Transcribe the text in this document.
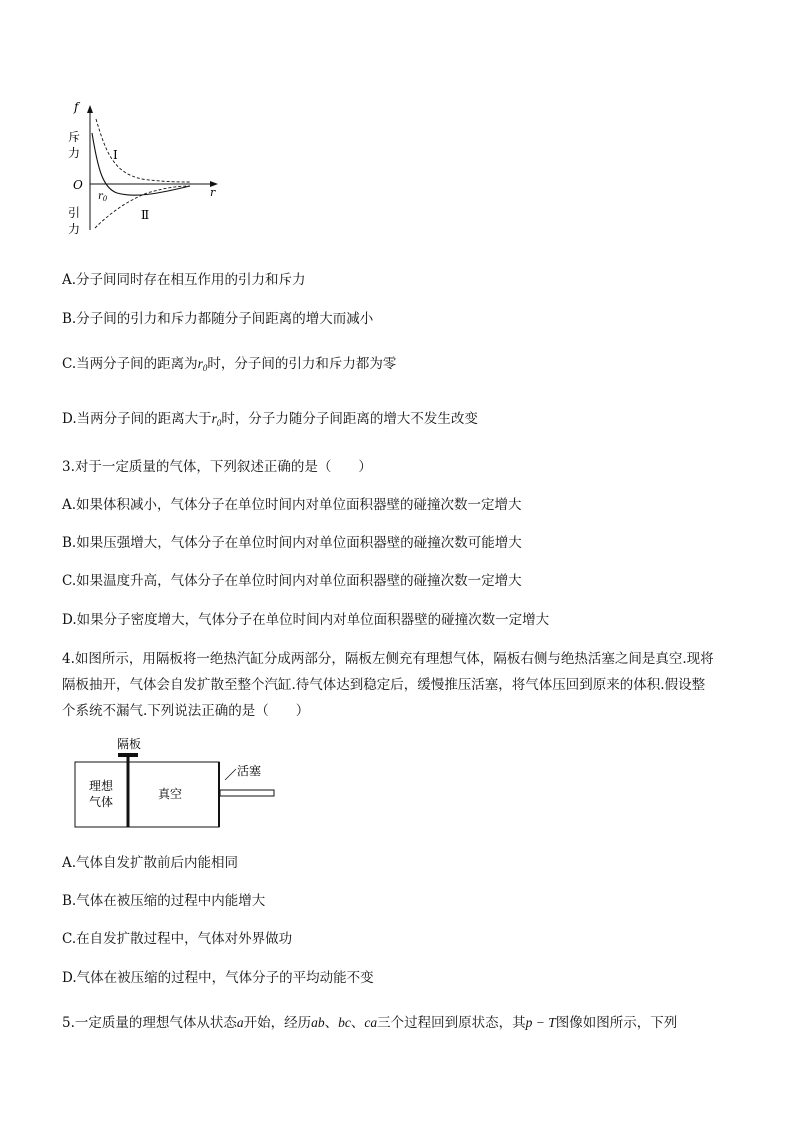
f
r
O
斥
力
引
力
Ⅰ
Ⅱ
$r_0$
A.分子间同时存在相互作用的引力和斥力
B.分子间的引力和斥力都随分子间距离的增大而减小
C.当两分子间的距离为$r_0$时，分子间的引力和斥力都为零
D.当两分子间的距离大于$r_0$时，分子力随分子间距离的增大不发生改变
3.对于一定质量的气体，下列叙述正确的是（　　）
A.如果体积减小，气体分子在单位时间内对单位面积器壁的碰撞次数一定增大
B.如果压强增大，气体分子在单位时间内对单位面积器壁的碰撞次数可能增大
C.如果温度升高，气体分子在单位时间内对单位面积器壁的碰撞次数一定增大
D.如果分子密度增大，气体分子在单位时间内对单位面积器壁的碰撞次数一定增大
4.如图所示，用隔板将一绝热汽缸分成两部分，隔板左侧充有理想气体，隔板右侧与绝热活塞之间是真空.现将
隔板抽开，气体会自发扩散至整个汽缸.待气体达到稳定后，缓慢推压活塞，将气体压回到原来的体积.假设整
个系统不漏气.下列说法正确的是（　　）
隔板
活塞
理想
气体
真空
A.气体自发扩散前后内能相同
B.气体在被压缩的过程中内能增大
C.在自发扩散过程中，气体对外界做功
D.气体在被压缩的过程中，气体分子的平均动能不变
5.一定质量的理想气体从状态a开始，经历ab、bc、ca三个过程回到原状态，其p − T图像如图所示，下列
